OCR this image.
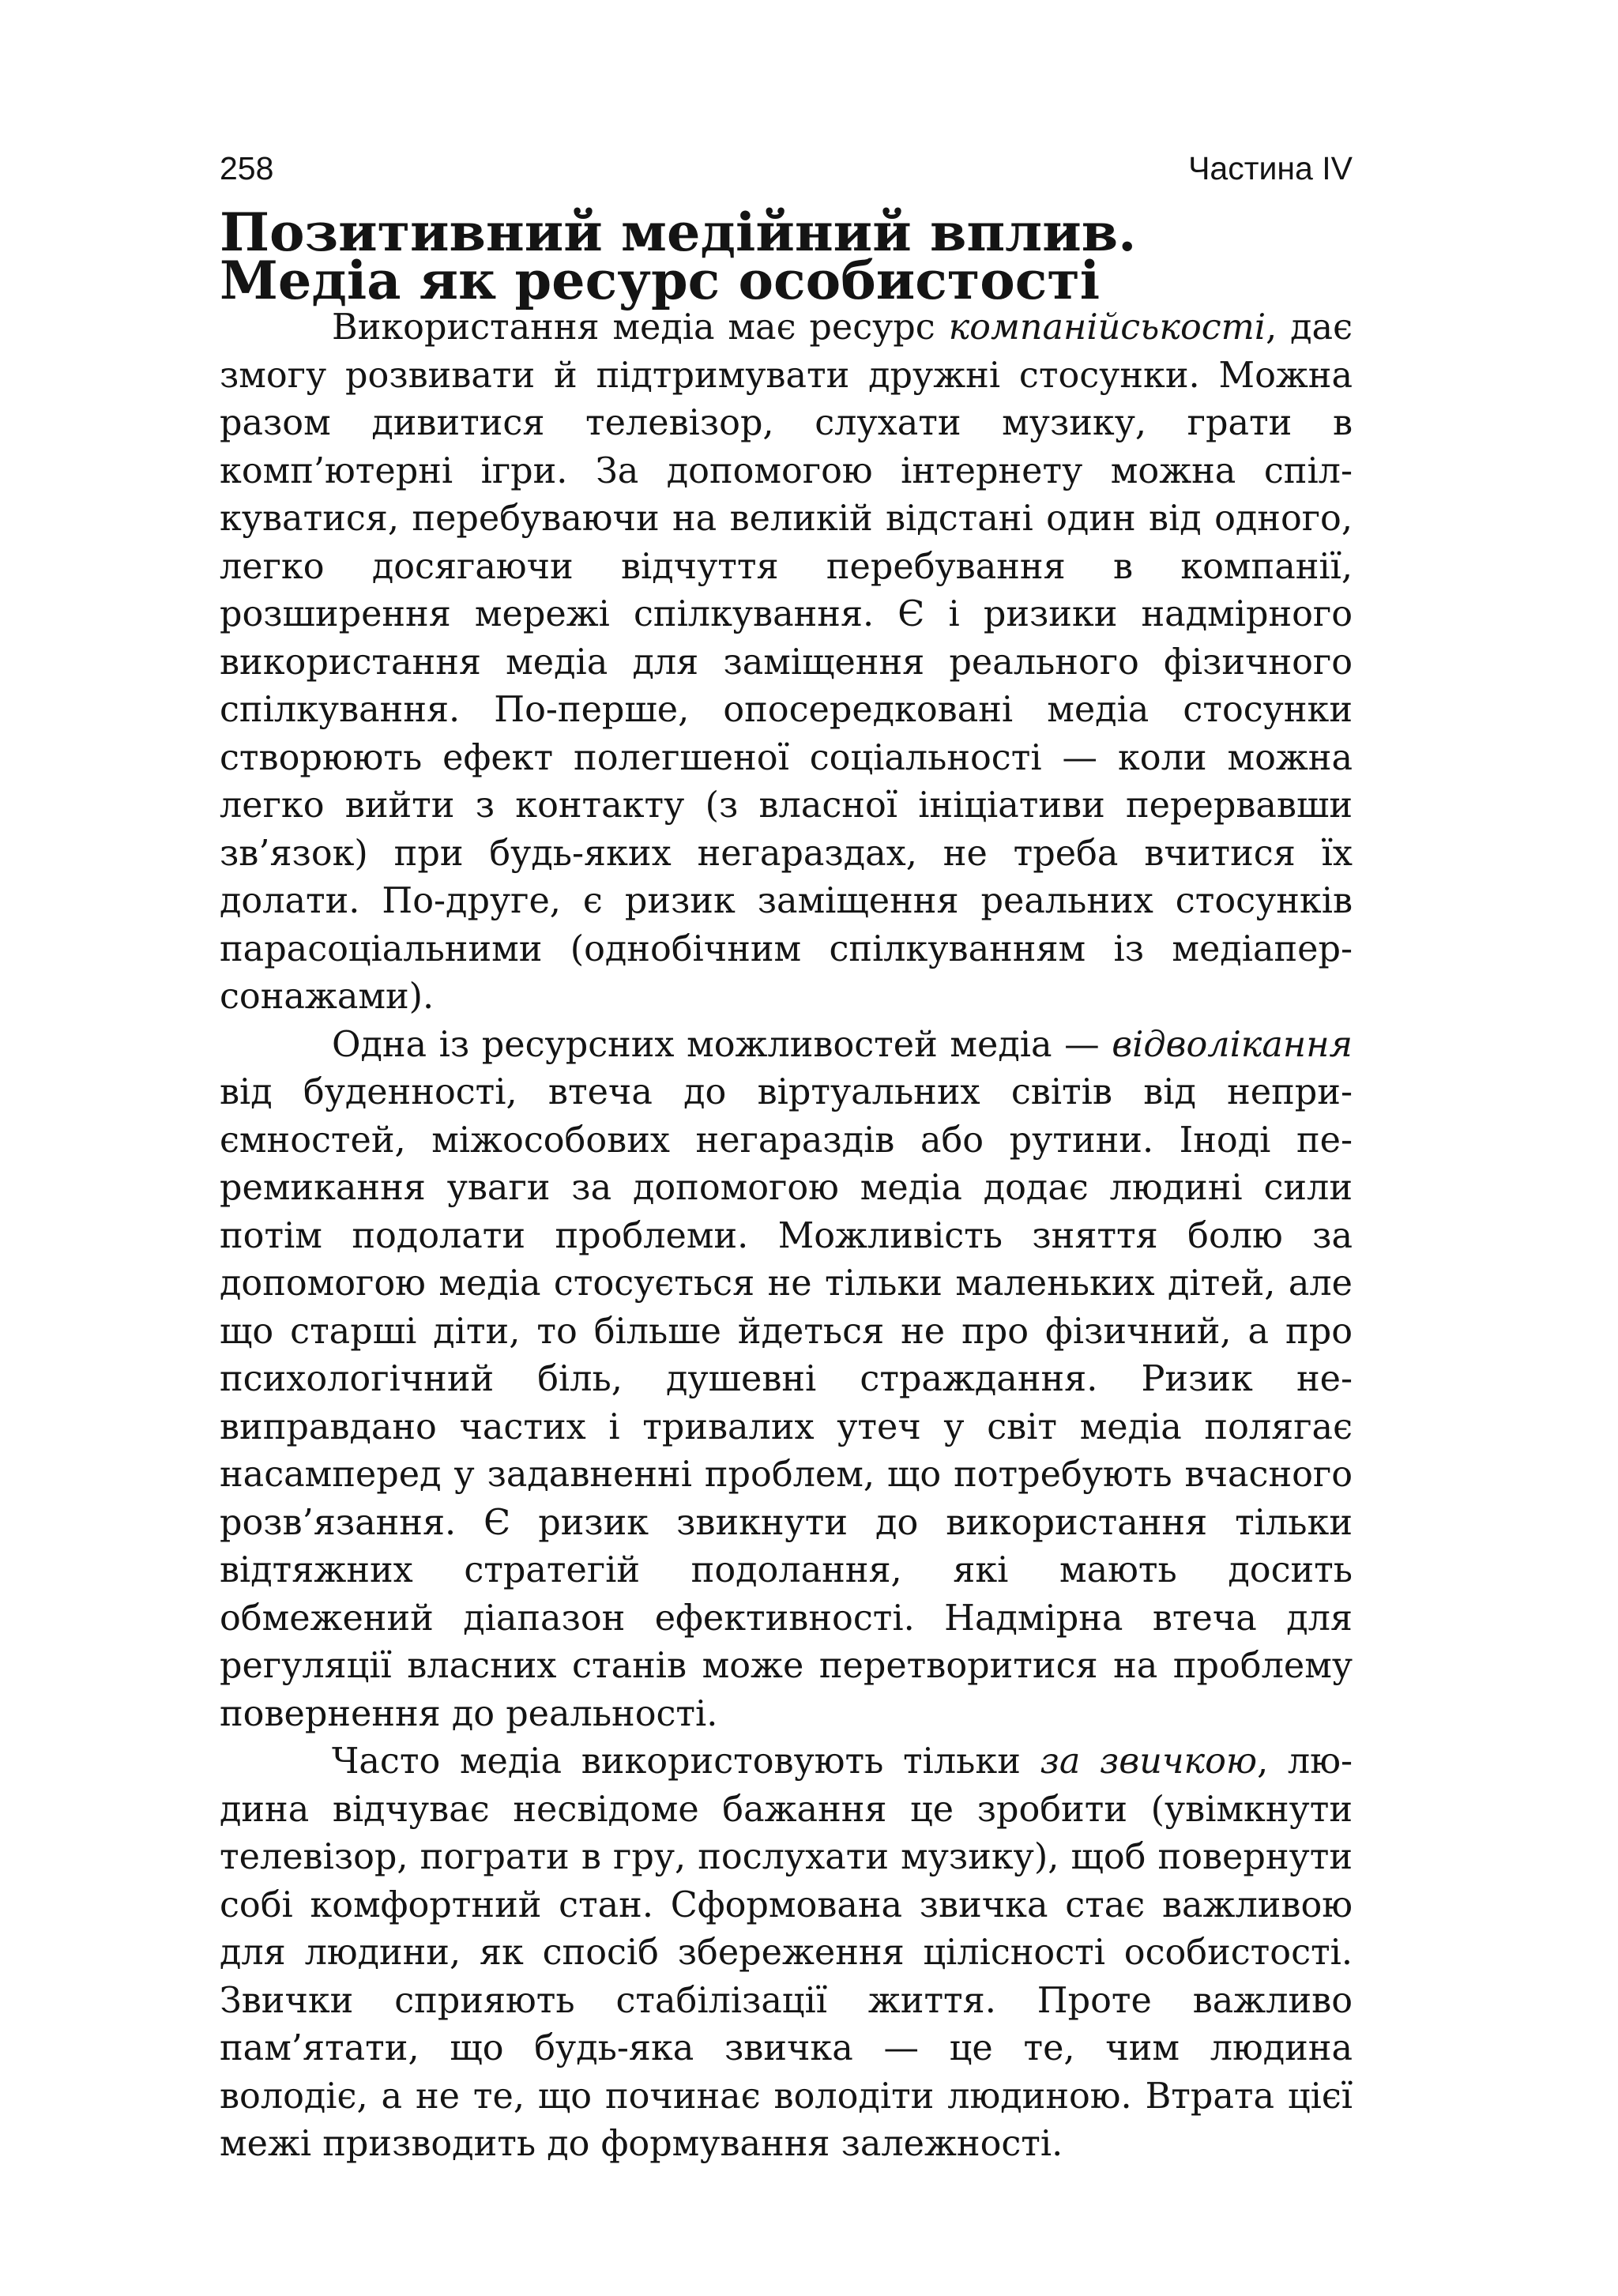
258	Частина IV
Позитивний медійний вплив.
Медіа як ресурс особистості

Використання медіа має ресурс компанійськості, дає змогу розвивати й підтримувати дружні стосунки. Можна разом дивитися телевізор, слухати музику, грати в комп’ютерні ігри. За допомогою інтернету можна спілкуватися, перебуваючи на великій відстані один від одного, легко досягаючи відчуття перебування в компанії, розширення мережі спілкування. Є і ризики надмірного використання медіа для заміщення реального фізичного спілкування. По-перше, опосередковані медіа стосунки створюють ефект полегшеної соціальності — коли можна легко вийти з контакту (з власної ініціативи перервавши зв’язок) при будь-яких негараздах, не треба вчитися їх долати. По-друге, є ризик заміщення реальних стосунків парасоціальними (однобічним спілкуванням із медіаперсонажами).

Одна із ресурсних можливостей медіа — відволікання від буденності, втеча до віртуальних світів від неприємностей, міжособових негараздів або рутини. Іноді перемикання уваги за допомогою медіа додає людині сили потім подолати проблеми. Можливість зняття болю за допомогою медіа стосується не тільки маленьких дітей, але що старші діти, то більше йдеться не про фізичний, а про психологічний біль, душевні страждання. Ризик невиправдано частих і тривалих утеч у світ медіа полягає насамперед у задавненні проблем, що потребують вчасного розв’язання. Є ризик звикнути до використання тільки відтяжних стратегій подолання, які мають досить обмежений діапазон ефективності. Надмірна втеча для регуляції власних станів може перетворитися на проблему повернення до реальності.

Часто медіа використовують тільки за звичкою, людина відчуває несвідоме бажання це зробити (увімкнути телевізор, пограти в гру, послухати музику), щоб повернути собі комфортний стан. Сформована звичка стає важливою для людини, як спосіб збереження цілісності особистості. Звички сприяють стабілізації життя. Проте важливо пам’ятати, що будь-яка звичка — це те, чим людина володіє, а не те, що починає володіти людиною. Втрата цієї межі призводить до формування залежності.
